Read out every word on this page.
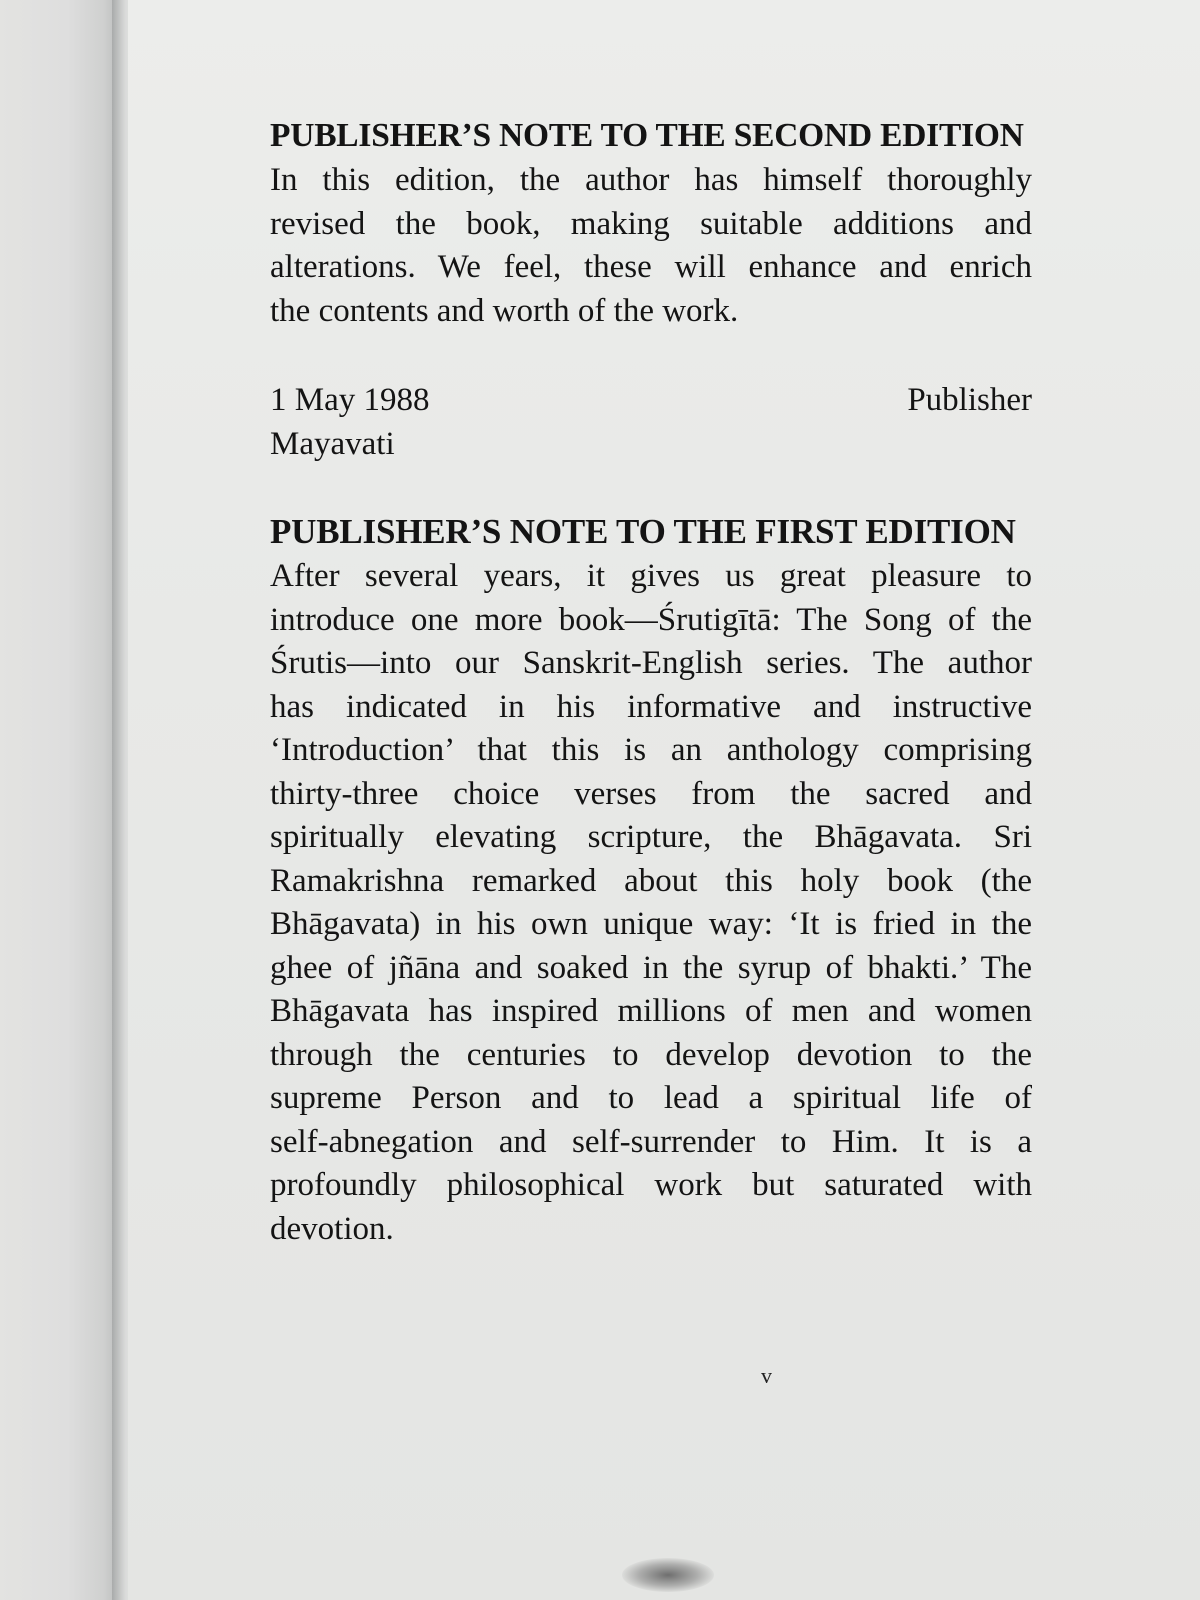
PUBLISHER’S NOTE TO THE SECOND EDITION

In this edition, the author has himself thoroughly

revised the book, making suitable additions and

alterations. We feel, these will enhance and enrich

the contents and worth of the work.

1 May 1988	Publisher
Mayavati
PUBLISHER’S NOTE TO THE FIRST EDITION

After several years, it gives us great pleasure to

introduce one more book—Śrutigītā: The Song of the

Śrutis—into our Sanskrit-English series. The author

has indicated in his informative and instructive

‘Introduction’ that this is an anthology comprising

thirty-three choice verses from the sacred and

spiritually elevating scripture, the Bhāgavata. Sri

Ramakrishna remarked about this holy book (the

Bhāgavata) in his own unique way: ‘It is fried in the

ghee of jñāna and soaked in the syrup of bhakti.’ The

Bhāgavata has inspired millions of men and women

through the centuries to develop devotion to the

supreme Person and to lead a spiritual life of

self-abnegation and self-surrender to Him. It is a

profoundly philosophical work but saturated with

devotion.

v
